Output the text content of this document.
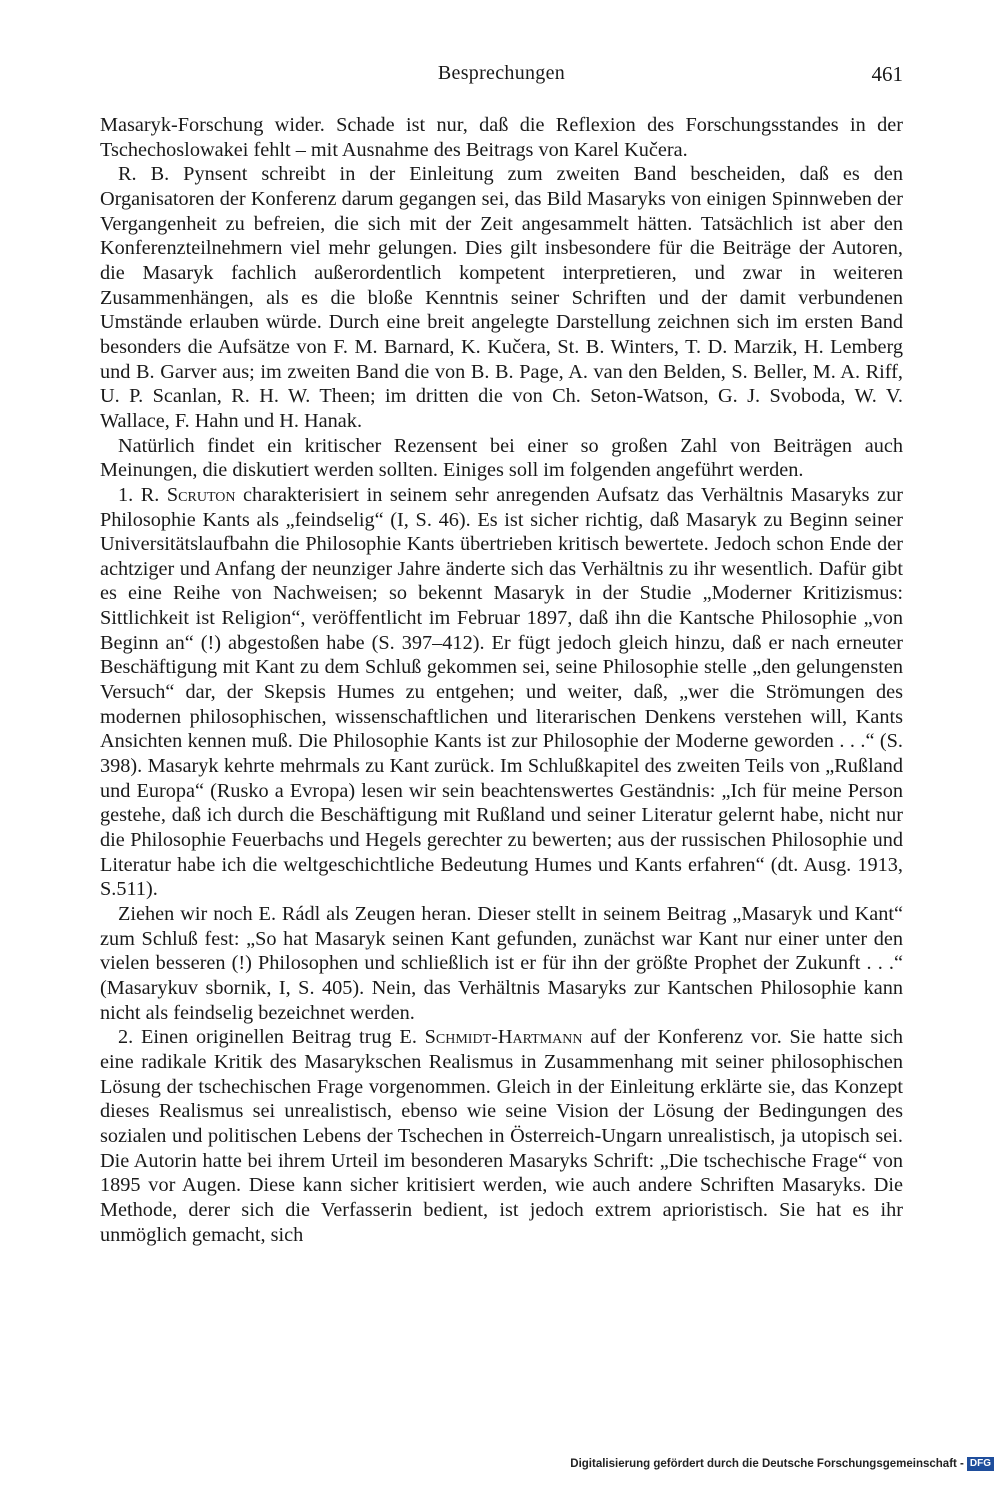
Besprechungen	461

Masaryk-Forschung wider. Schade ist nur, daß die Reflexion des Forschungsstandes in der Tschechoslowakei fehlt – mit Ausnahme des Beitrags von Karel Kučera.

R. B. Pynsent schreibt in der Einleitung zum zweiten Band bescheiden, daß es den Organisatoren der Konferenz darum gegangen sei, das Bild Masaryks von einigen Spinnweben der Vergangenheit zu befreien, die sich mit der Zeit angesammelt hätten. Tatsächlich ist aber den Konferenzteilnehmern viel mehr gelungen. Dies gilt insbesondere für die Beiträge der Autoren, die Masaryk fachlich außerordentlich kompetent interpretieren, und zwar in weiteren Zusammenhängen, als es die bloße Kenntnis seiner Schriften und der damit verbundenen Umstände erlauben würde. Durch eine breit angelegte Darstellung zeichnen sich im ersten Band besonders die Aufsätze von F. M. Barnard, K. Kučera, St. B. Winters, T. D. Marzik, H. Lemberg und B. Garver aus; im zweiten Band die von B. B. Page, A. van den Belden, S. Beller, M. A. Riff, U. P. Scanlan, R. H. W. Theen; im dritten die von Ch. Seton-Watson, G. J. Svoboda, W. V. Wallace, F. Hahn und H. Hanak.

Natürlich findet ein kritischer Rezensent bei einer so großen Zahl von Beiträgen auch Meinungen, die diskutiert werden sollten. Einiges soll im folgenden angeführt werden.

1. R. Scruton charakterisiert in seinem sehr anregenden Aufsatz das Verhältnis Masaryks zur Philosophie Kants als „feindselig“ (I, S. 46). Es ist sicher richtig, daß Masaryk zu Beginn seiner Universitätslaufbahn die Philosophie Kants übertrieben kritisch bewertete. Jedoch schon Ende der achtziger und Anfang der neunziger Jahre änderte sich das Verhältnis zu ihr wesentlich. Dafür gibt es eine Reihe von Nachweisen; so bekennt Masaryk in der Studie „Moderner Kritizismus: Sittlichkeit ist Religion“, veröffentlicht im Februar 1897, daß ihn die Kantsche Philosophie „von Beginn an“ (!) abgestoßen habe (S. 397–412). Er fügt jedoch gleich hinzu, daß er nach erneuter Beschäftigung mit Kant zu dem Schluß gekommen sei, seine Philosophie stelle „den gelungensten Versuch“ dar, der Skepsis Humes zu entgehen; und weiter, daß, „wer die Strömungen des modernen philosophischen, wissenschaftlichen und literarischen Denkens verstehen will, Kants Ansichten kennen muß. Die Philosophie Kants ist zur Philosophie der Moderne geworden . . .“ (S. 398). Masaryk kehrte mehrmals zu Kant zurück. Im Schlußkapitel des zweiten Teils von „Rußland und Europa“ (Rusko a Evropa) lesen wir sein beachtenswertes Geständnis: „Ich für meine Person gestehe, daß ich durch die Beschäftigung mit Rußland und seiner Literatur gelernt habe, nicht nur die Philosophie Feuerbachs und Hegels gerechter zu bewerten; aus der russischen Philosophie und Literatur habe ich die weltgeschichtliche Bedeutung Humes und Kants erfahren“ (dt. Ausg. 1913, S.511).

Ziehen wir noch E. Rádl als Zeugen heran. Dieser stellt in seinem Beitrag „Masaryk und Kant“ zum Schluß fest: „So hat Masaryk seinen Kant gefunden, zunächst war Kant nur einer unter den vielen besseren (!) Philosophen und schließlich ist er für ihn der größte Prophet der Zukunft . . .“ (Masarykuv sbornik, I, S. 405). Nein, das Verhältnis Masaryks zur Kantschen Philosophie kann nicht als feindselig bezeichnet werden.

2. Einen originellen Beitrag trug E. Schmidt-Hartmann auf der Konferenz vor. Sie hatte sich eine radikale Kritik des Masarykschen Realismus in Zusammenhang mit seiner philosophischen Lösung der tschechischen Frage vorgenommen. Gleich in der Einleitung erklärte sie, das Konzept dieses Realismus sei unrealistisch, ebenso wie seine Vision der Lösung der Bedingungen des sozialen und politischen Lebens der Tschechen in Österreich-Ungarn unrealistisch, ja utopisch sei. Die Autorin hatte bei ihrem Urteil im besonderen Masaryks Schrift: „Die tschechische Frage“ von 1895 vor Augen. Diese kann sicher kritisiert werden, wie auch andere Schriften Masaryks. Die Methode, derer sich die Verfasserin bedient, ist jedoch extrem aprioristisch. Sie hat es ihr unmöglich gemacht, sich

Digitalisierung gefördert durch die Deutsche Forschungsgemeinschaft - DFG
